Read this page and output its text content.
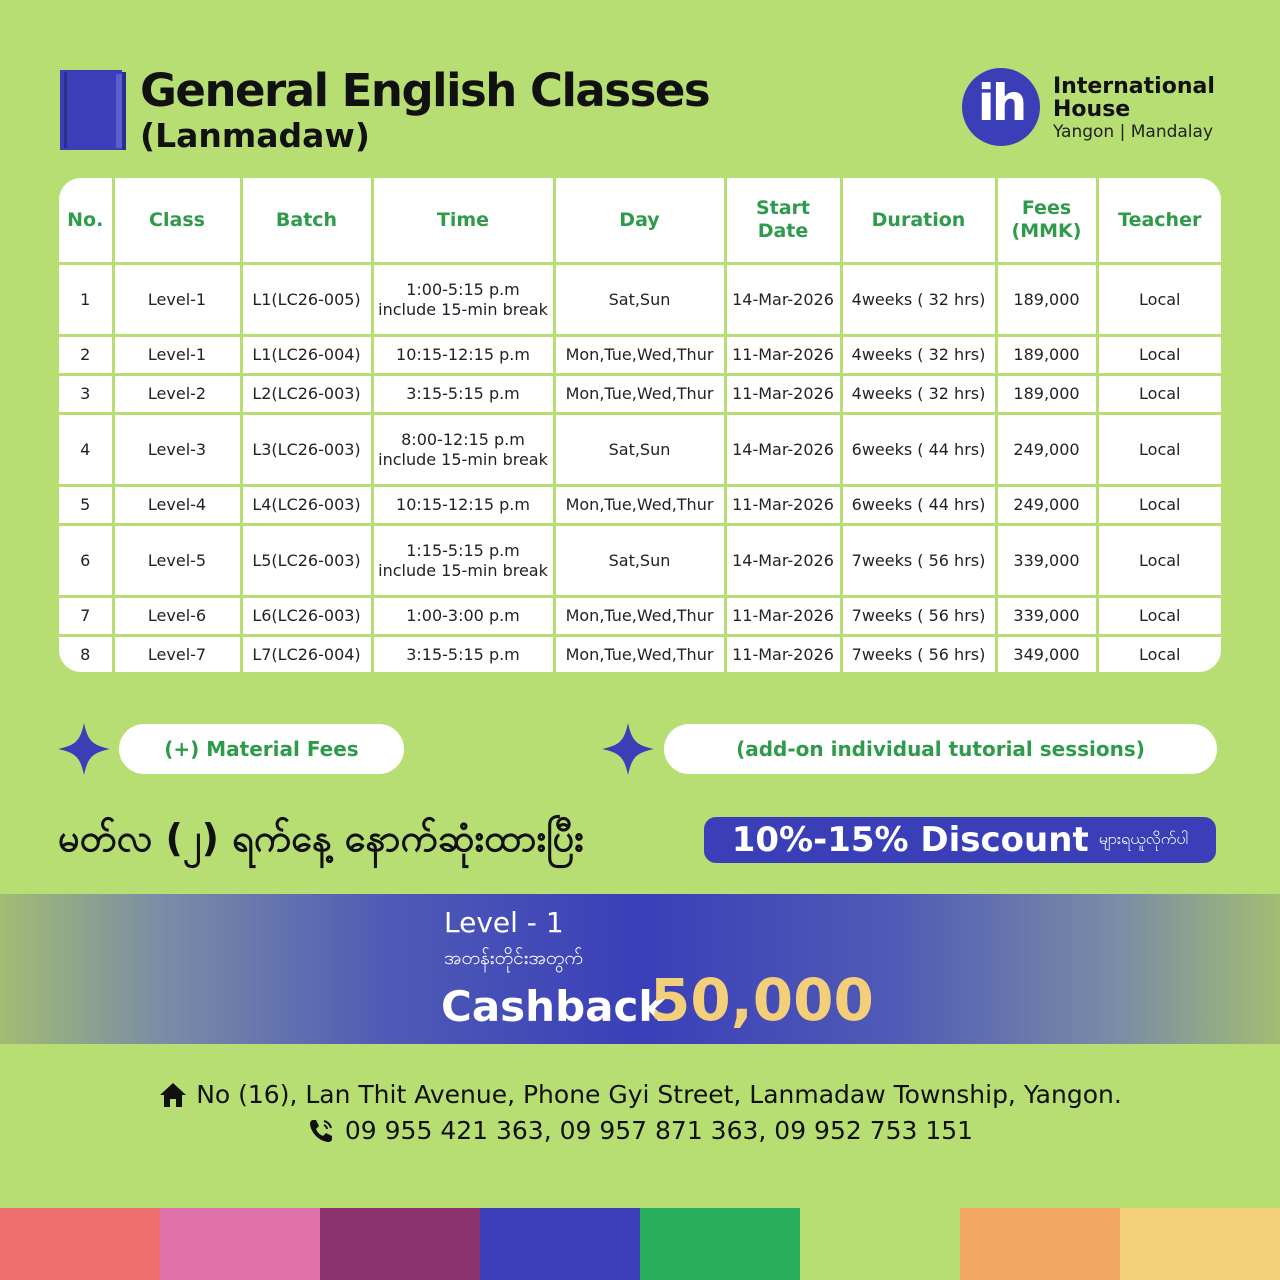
General English Classes
(Lanmadaw)
ih	International
House
Yangon | Mandalay
No.	Class	Batch	Time	Day	Start Date	Duration	Fees (MMK)	Teacher
1	Level-1	L1(LC26-005)	1:00-5:15 p.m
include 15-min break	Sat,Sun	14-Mar-2026	4weeks ( 32 hrs)	189,000	Local
2	Level-1	L1(LC26-004)	10:15-12:15 p.m	Mon,Tue,Wed,Thur	11-Mar-2026	4weeks ( 32 hrs)	189,000	Local
3	Level-2	L2(LC26-003)	3:15-5:15 p.m	Mon,Tue,Wed,Thur	11-Mar-2026	4weeks ( 32 hrs)	189,000	Local
4	Level-3	L3(LC26-003)	8:00-12:15 p.m
include 15-min break	Sat,Sun	14-Mar-2026	6weeks ( 44 hrs)	249,000	Local
5	Level-4	L4(LC26-003)	10:15-12:15 p.m	Mon,Tue,Wed,Thur	11-Mar-2026	6weeks ( 44 hrs)	249,000	Local
6	Level-5	L5(LC26-003)	1:15-5:15 p.m
include 15-min break	Sat,Sun	14-Mar-2026	7weeks ( 56 hrs)	339,000	Local
7	Level-6	L6(LC26-003)	1:00-3:00 p.m	Mon,Tue,Wed,Thur	11-Mar-2026	7weeks ( 56 hrs)	339,000	Local
8	Level-7	L7(LC26-004)	3:15-5:15 p.m	Mon,Tue,Wed,Thur	11-Mar-2026	7weeks ( 56 hrs)	349,000	Local
(+) Material Fees	(add-on individual tutorial sessions)
မတ်လ (၂) ရက်နေ့ နောက်ဆုံးထားပြီး	10%-15% Discount များရယူလိုက်ပါ
Level - 1
အတန်းတိုင်းအတွက်
Cashback
50,000
No (16), Lan Thit Avenue, Phone Gyi Street, Lanmadaw Township, Yangon.
09 955 421 363, 09 957 871 363, 09 952 753 151
